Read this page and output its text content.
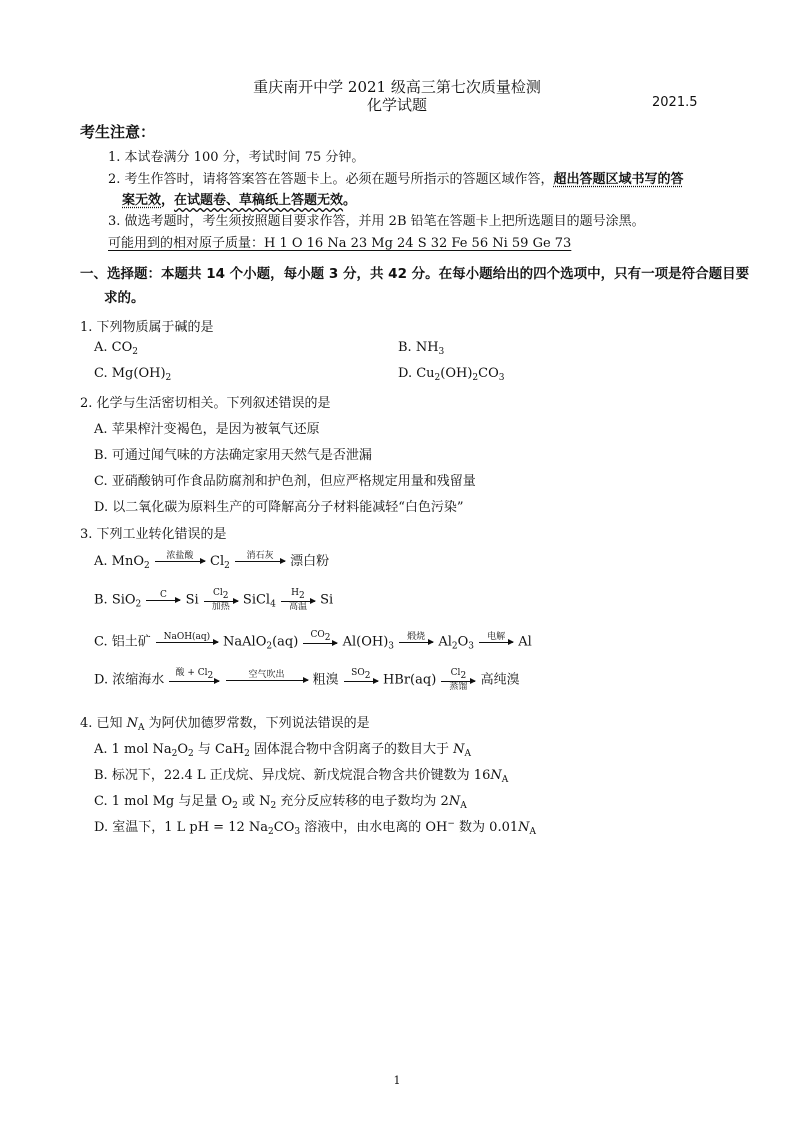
重庆南开中学 2021 级高三第七次质量检测
化学试题	2021.5
考生注意：
1. 本试卷满分 100 分，考试时间 75 分钟。
2. 考生作答时，请将答案答在答题卡上。必须在题号所指示的答题区域作答，超出答题区域书写的答
案无效，在试题卷、草稿纸上答题无效。
3. 做选考题时，考生须按照题目要求作答，并用 2B 铅笔在答题卡上把所选题目的题号涂黑。
可能用到的相对原子质量：H 1 O 16 Na 23 Mg 24 S 32 Fe 56 Ni 59 Ge 73
一、选择题：本题共 14 个小题，每小题 3 分，共 42 分。在每小题给出的四个选项中，只有一项是符合题目要
求的。
1. 下列物质属于碱的是
A. $CO_2$	B. $NH_3$
C. $Mg(OH)_2$	D. $Cu_2(OH)_2CO_3$
2. 化学与生活密切相关。下列叙述错误的是
A. 苹果榨汁变褐色，是因为被氧气还原
B. 可通过闻气味的方法确定家用天然气是否泄漏
C. 亚硝酸钠可作食品防腐剂和护色剂，但应严格规定用量和残留量
D. 以二氧化碳为原料生产的可降解高分子材料能减轻“白色污染”
3. 下列工业转化错误的是
A. MnO$_2$
浓盐酸	$Cl_2$
消石灰	漂白粉
B. SiO$_2$
C	Si	$Cl_2$
加热	SiCl$_4$
$H_2$
高温	Si
C. 铝土矿	NaOH(aq) NaAlO$_2$(aq)	$CO_2$ $Al(OH)_3$
煅烧	$Al_2O_3$
电解	Al
D. 浓缩海水	酸 + $Cl_2$
	空气吹出	粗溴	$SO_2$ HBr(aq)	$Cl_2$
蒸馏	高纯溴
4. 已知 $N_A$ 为阿伏加德罗常数，下列说法错误的是
A. 1 mol $Na_2O_2$ 与 CaH$_2$ 固体混合物中含阴离子的数目大于 $N_A$
B. 标况下，22.4 L 正戊烷、异戊烷、新戊烷混合物含共价键数为 $16N_A$
C. 1 mol Mg 与足量 $O_2$ 或 $N_2$ 充分反应转移的电子数均为 $2N_A$
D. 室温下，1 L pH = 12 $Na_2CO_3$ 溶液中，由水电离的 OH− 数为 $0.01N_A$
1
